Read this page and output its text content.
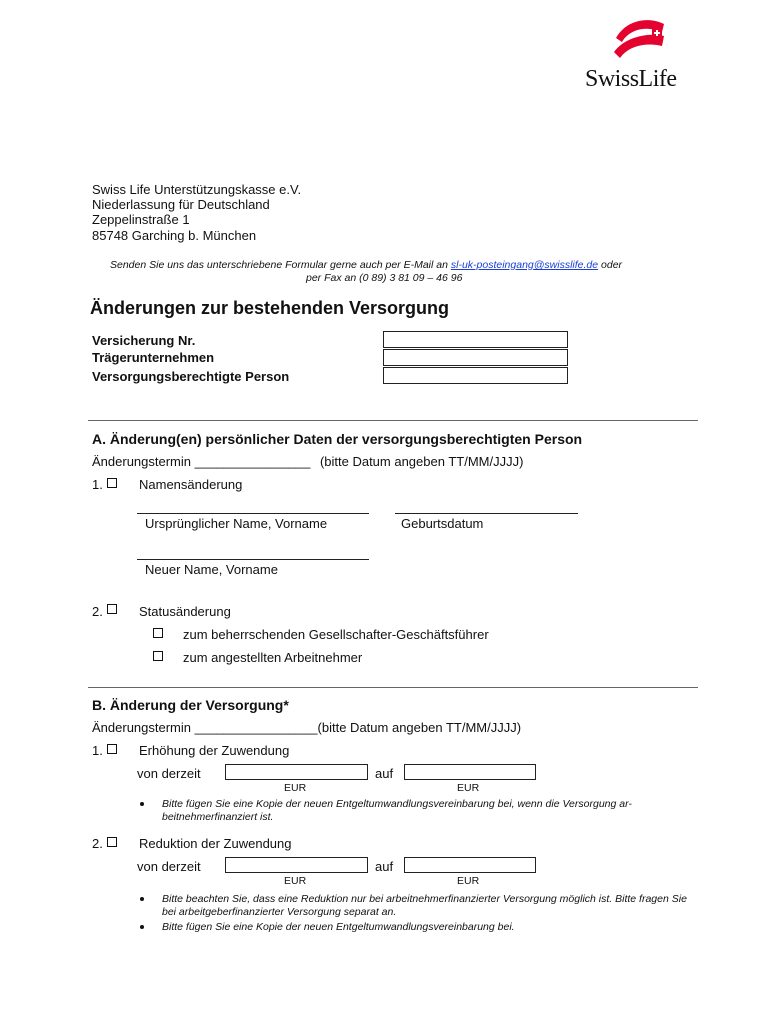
SwissLife
Swiss Life Unterstützungskasse e.V.
Niederlassung für Deutschland
Zeppelinstraße 1
85748 Garching b. München
Senden Sie uns das unterschriebene Formular gerne auch per E-Mail an sl-uk-posteingang@swisslife.de oder
per Fax an (0 89) 3 81 09 – 46 96
Änderungen zur bestehenden Versorgung
Versicherung Nr.
Trägerunternehmen
Versorgungsberechtigte Person
A. Änderung(en) persönlicher Daten der versorgungsberechtigten Person
Änderungstermin ________________ (bitte Datum angeben TT/MM/JJJJ)
1.	Namensänderung
Ursprünglicher Name, Vorname	Geburtsdatum
Neuer Name, Vorname
2.	Statusänderung
zum beherrschenden Gesellschafter-Geschäftsführer
zum angestellten Arbeitnehmer
B. Änderung der Versorgung*
Änderungstermin _________________(bitte Datum angeben TT/MM/JJJJ)
1.	Erhöhung der Zuwendung
von derzeit	auf
EUR	EUR
Bitte fügen Sie eine Kopie der neuen Entgeltumwandlungsvereinbarung bei, wenn die Versorgung ar-beitnehmerfinanziert ist.
2.	Reduktion der Zuwendung
von derzeit	auf
EUR	EUR
Bitte beachten Sie, dass eine Reduktion nur bei arbeitnehmerfinanzierter Versorgung möglich ist. Bitte fragen Sie bei arbeitgeberfinanzierter Versorgung separat an.
Bitte fügen Sie eine Kopie der neuen Entgeltumwandlungsvereinbarung bei.
